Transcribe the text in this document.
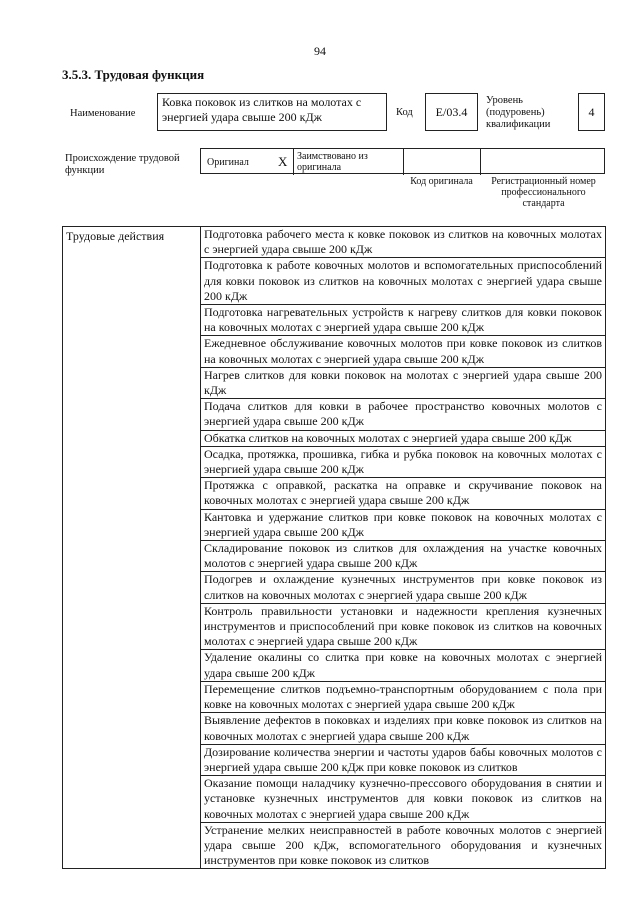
94
3.5.3. Трудовая функция
Наименование
Ковка поковок из слитков на молотах с энергией удара свыше 200 кДж	Код	Е/03.4
Уровень (подуровень) квалификации
4
Происхождение трудовой функции
Оригинал X Заимствовано из оригинала
Код оригинала	Регистрационный номер профессионального стандарта
Трудовые действия	Подготовка рабочего места к ковке поковок из слитков на ковочных молотах с энергией удара свыше 200 кДж
Подготовка к работе ковочных молотов и вспомогательных приспособлений для ковки поковок из слитков на ковочных молотах с энергией удара свыше 200 кДж
Подготовка нагревательных устройств к нагреву слитков для ковки поковок на ковочных молотах с энергией удара свыше 200 кДж
Ежедневное обслуживание ковочных молотов при ковке поковок из слитков на ковочных молотах с энергией удара свыше 200 кДж
Нагрев слитков для ковки поковок на молотах с энергией удара свыше 200 кДж
Подача слитков для ковки в рабочее пространство ковочных молотов с энергией удара свыше 200 кДж
Обкатка слитков на ковочных молотах с энергией удара свыше 200 кДж
Осадка, протяжка, прошивка, гибка и рубка поковок на ковочных молотах с энергией удара свыше 200 кДж
Протяжка с оправкой, раскатка на оправке и скручивание поковок на ковочных молотах с энергией удара свыше 200 кДж
Кантовка и удержание слитков при ковке поковок на ковочных молотах с энергией удара свыше 200 кДж
Складирование поковок из слитков для охлаждения на участке ковочных молотов с энергией удара свыше 200 кДж
Подогрев и охлаждение кузнечных инструментов при ковке поковок из слитков на ковочных молотах с энергией удара свыше 200 кДж
Контроль правильности установки и надежности крепления кузнечных инструментов и приспособлений при ковке поковок из слитков на ковочных молотах с энергией удара свыше 200 кДж
Удаление окалины со слитка при ковке на ковочных молотах с энергией удара свыше 200 кДж
Перемещение слитков подъемно-транспортным оборудованием с пола при ковке на ковочных молотах с энергией удара свыше 200 кДж
Выявление дефектов в поковках и изделиях при ковке поковок из слитков на ковочных молотах с энергией удара свыше 200 кДж
Дозирование количества энергии и частоты ударов бабы ковочных молотов с энергией удара свыше 200 кДж при ковке поковок из слитков
Оказание помощи наладчику кузнечно-прессового оборудования в снятии и установке кузнечных инструментов для ковки поковок из слитков на ковочных молотах с энергией удара свыше 200 кДж
Устранение мелких неисправностей в работе ковочных молотов с энергией удара свыше 200 кДж, вспомогательного оборудования и кузнечных инструментов при ковке поковок из слитков
